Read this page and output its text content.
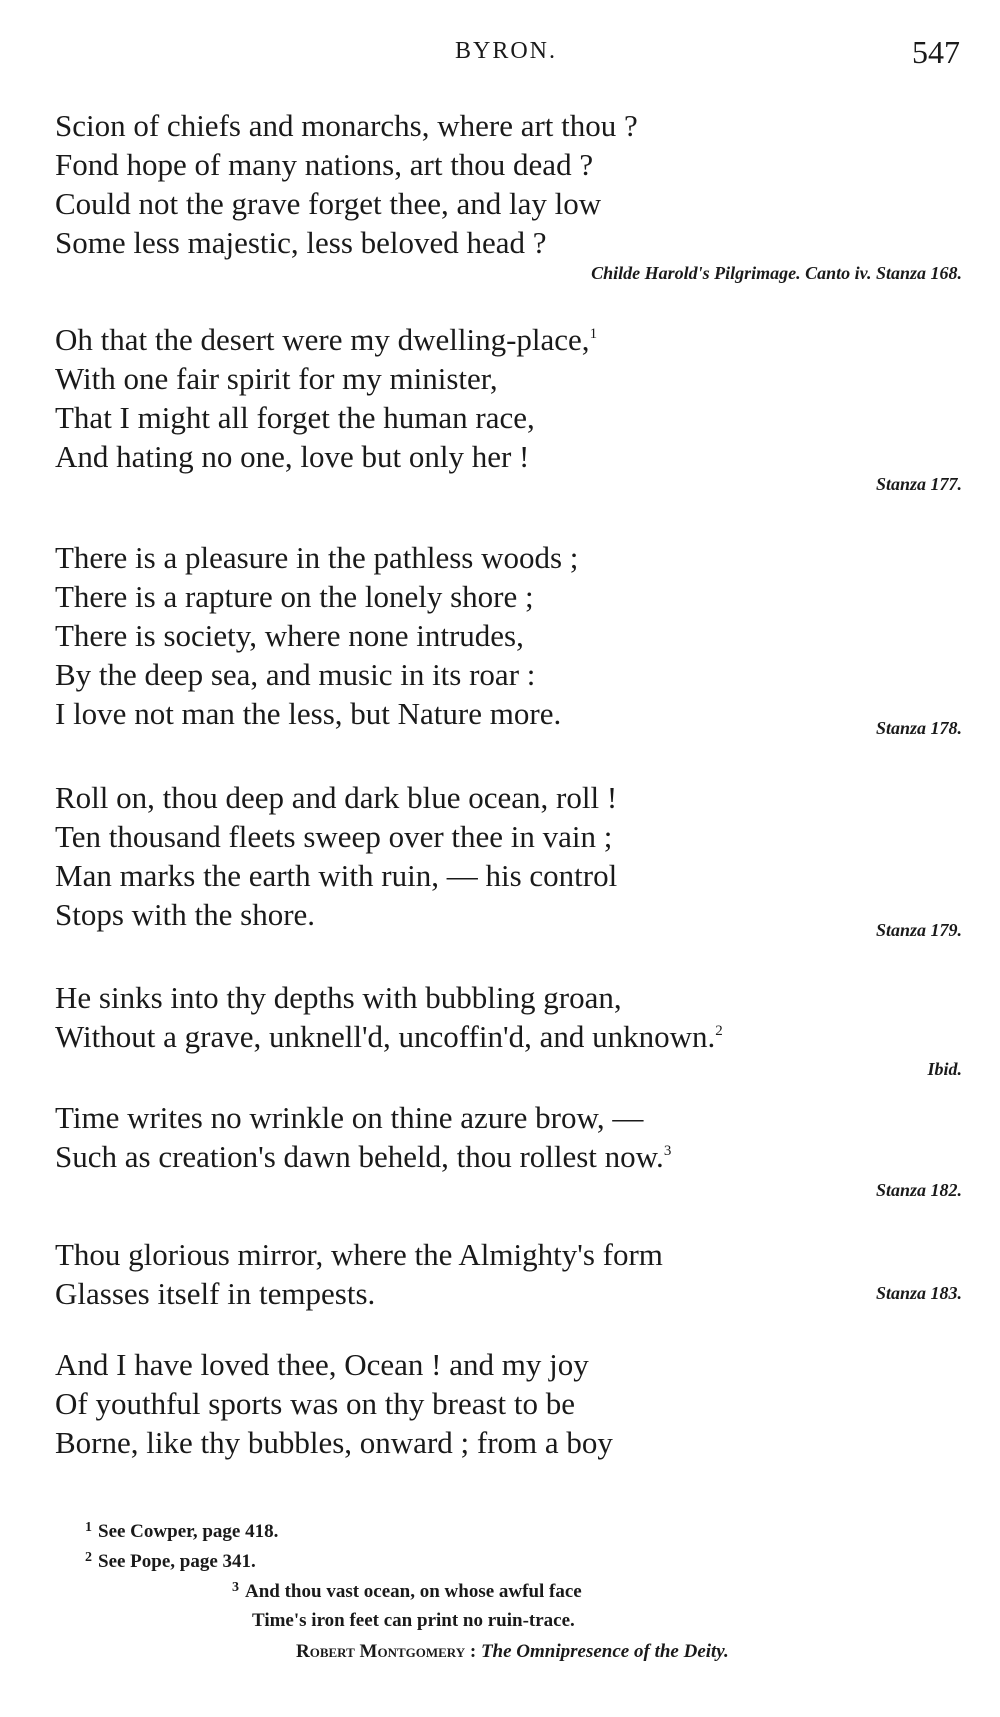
BYRON.	547
Scion of chiefs and monarchs, where art thou ?
Fond hope of many nations, art thou dead ?
Could not the grave forget thee, and lay low
Some less majestic, less beloved head ?
Childe Harold's Pilgrimage. Canto iv. Stanza 168.
Oh that the desert were my dwelling-place,$^1$
With one fair spirit for my minister,
That I might all forget the human race,
And hating no one, love but only her !
Stanza 177.
There is a pleasure in the pathless woods ;
There is a rapture on the lonely shore ;
There is society, where none intrudes,
By the deep sea, and music in its roar :
I love not man the less, but Nature more.	Stanza 178.
Roll on, thou deep and dark blue ocean, roll !
Ten thousand fleets sweep over thee in vain ;
Man marks the earth with ruin, — his control
Stops with the shore.	Stanza 179.
He sinks into thy depths with bubbling groan,
Without a grave, unknell'd, uncoffin'd, and unknown.$^2$
Ibid.
Time writes no wrinkle on thine azure brow, —
Such as creation's dawn beheld, thou rollest now.$^3$
Stanza 182.
Thou glorious mirror, where the Almighty's form
Glasses itself in tempests.	Stanza 183.
And I have loved thee, Ocean ! and my joy
Of youthful sports was on thy breast to be
Borne, like thy bubbles, onward ; from a boy
$^1$ See Cowper, page 418.
$^2$ See Pope, page 341.
$^3$ And thou vast ocean, on whose awful face
Time's iron feet can print no ruin-trace.
Robert Montgomery : The Omnipresence of the Deity.
